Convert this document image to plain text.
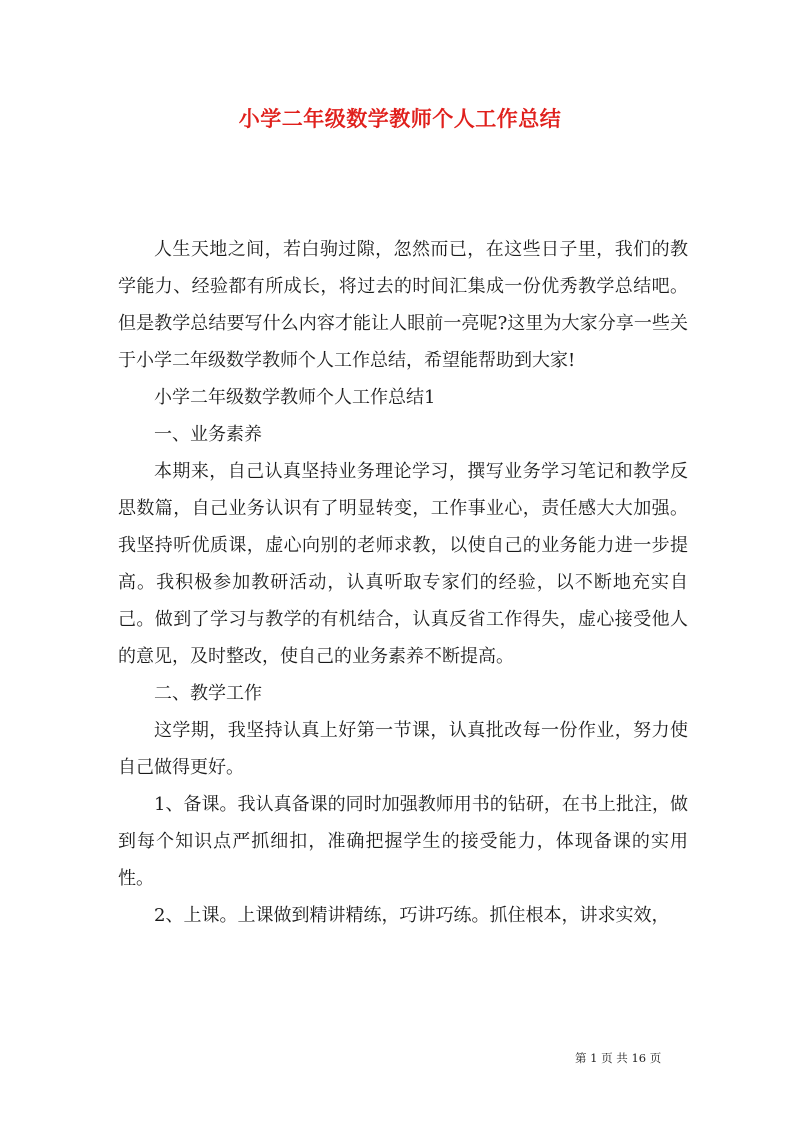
小学二年级数学教师个人工作总结

人生天地之间，若白驹过隙，忽然而已，在这些日子里，我们的教学能力、经验都有所成长，将过去的时间汇集成一份优秀教学总结吧。但是教学总结要写什么内容才能让人眼前一亮呢?这里为大家分享一些关于小学二年级数学教师个人工作总结，希望能帮助到大家!

小学二年级数学教师个人工作总结1

一、业务素养

本期来，自己认真坚持业务理论学习，撰写业务学习笔记和教学反思数篇，自己业务认识有了明显转变，工作事业心，责任感大大加强。我坚持听优质课，虚心向别的老师求教，以使自己的业务能力进一步提高。我积极参加教研活动，认真听取专家们的经验，以不断地充实自己。做到了学习与教学的有机结合，认真反省工作得失，虚心接受他人的意见，及时整改，使自己的业务素养不断提高。

二、教学工作

这学期，我坚持认真上好第一节课，认真批改每一份作业，努力使自己做得更好。

1、备课。我认真备课的同时加强教师用书的钻研，在书上批注，做到每个知识点严抓细扣，准确把握学生的接受能力，体现备课的实用性。

2、上课。上课做到精讲精练，巧讲巧练。抓住根本，讲求实效，

第 1 页 共 16 页
